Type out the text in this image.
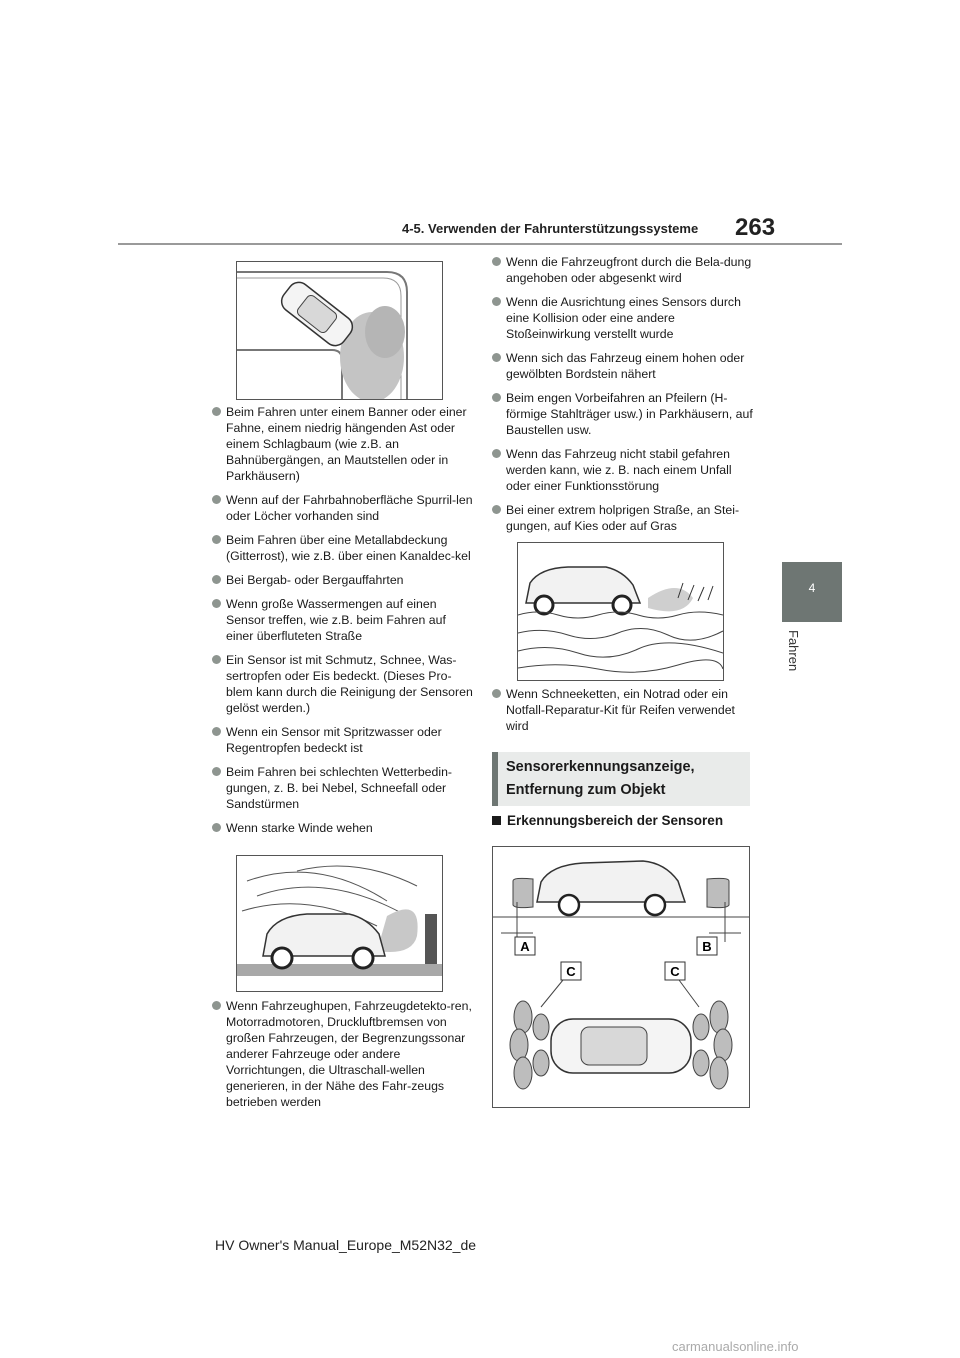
263
4-5. Verwenden der Fahrunterstützungssysteme
4
Fahren
Beim Fahren unter einem Banner oder einer Fahne, einem niedrig hängenden Ast oder einem Schlagbaum (wie z.B. an Bahnübergängen, an Mautstellen oder in Parkhäusern)
Wenn auf der Fahrbahnoberfläche Spurril-len oder Löcher vorhanden sind
Beim Fahren über eine Metallabdeckung (Gitterrost), wie z.B. über einen Kanaldec-kel
Bei Bergab- oder Bergauffahrten
Wenn große Wassermengen auf einen Sensor treffen, wie z.B. beim Fahren auf einer überfluteten Straße
Ein Sensor ist mit Schmutz, Schnee, Was-sertropfen oder Eis bedeckt. (Dieses Pro-blem kann durch die Reinigung der Sensoren gelöst werden.)
Wenn ein Sensor mit Spritzwasser oder Regentropfen bedeckt ist
Beim Fahren bei schlechten Wetterbedin-gungen, z. B. bei Nebel, Schneefall oder Sandstürmen
Wenn starke Winde wehen
Wenn Fahrzeughupen, Fahrzeugdetekto-ren, Motorradmotoren, Druckluftbremsen von großen Fahrzeugen, der Begrenzungssonar anderer Fahrzeuge oder andere Vorrichtungen, die Ultraschall-wellen generieren, in der Nähe des Fahr-zeugs betrieben werden
Wenn die Fahrzeugfront durch die Bela-dung angehoben oder abgesenkt wird
Wenn die Ausrichtung eines Sensors durch eine Kollision oder eine andere Stoßeinwirkung verstellt wurde
Wenn sich das Fahrzeug einem hohen oder gewölbten Bordstein nähert
Beim engen Vorbeifahren an Pfeilern (H-förmige Stahlträger usw.) in Parkhäusern, auf Baustellen usw.
Wenn das Fahrzeug nicht stabil gefahren werden kann, wie z. B. nach einem Unfall oder einer Funktionsstörung
Bei einer extrem holprigen Straße, an Stei-gungen, auf Kies oder auf Gras
Wenn Schneeketten, ein Notrad oder ein Notfall-Reparatur-Kit für Reifen verwendet wird
Sensorerkennungsanzeige, Entfernung zum Objekt
Erkennungsbereich der Sensoren
A	B
C	C
HV Owner's Manual_Europe_M52N32_de
carmanualsonline.info
